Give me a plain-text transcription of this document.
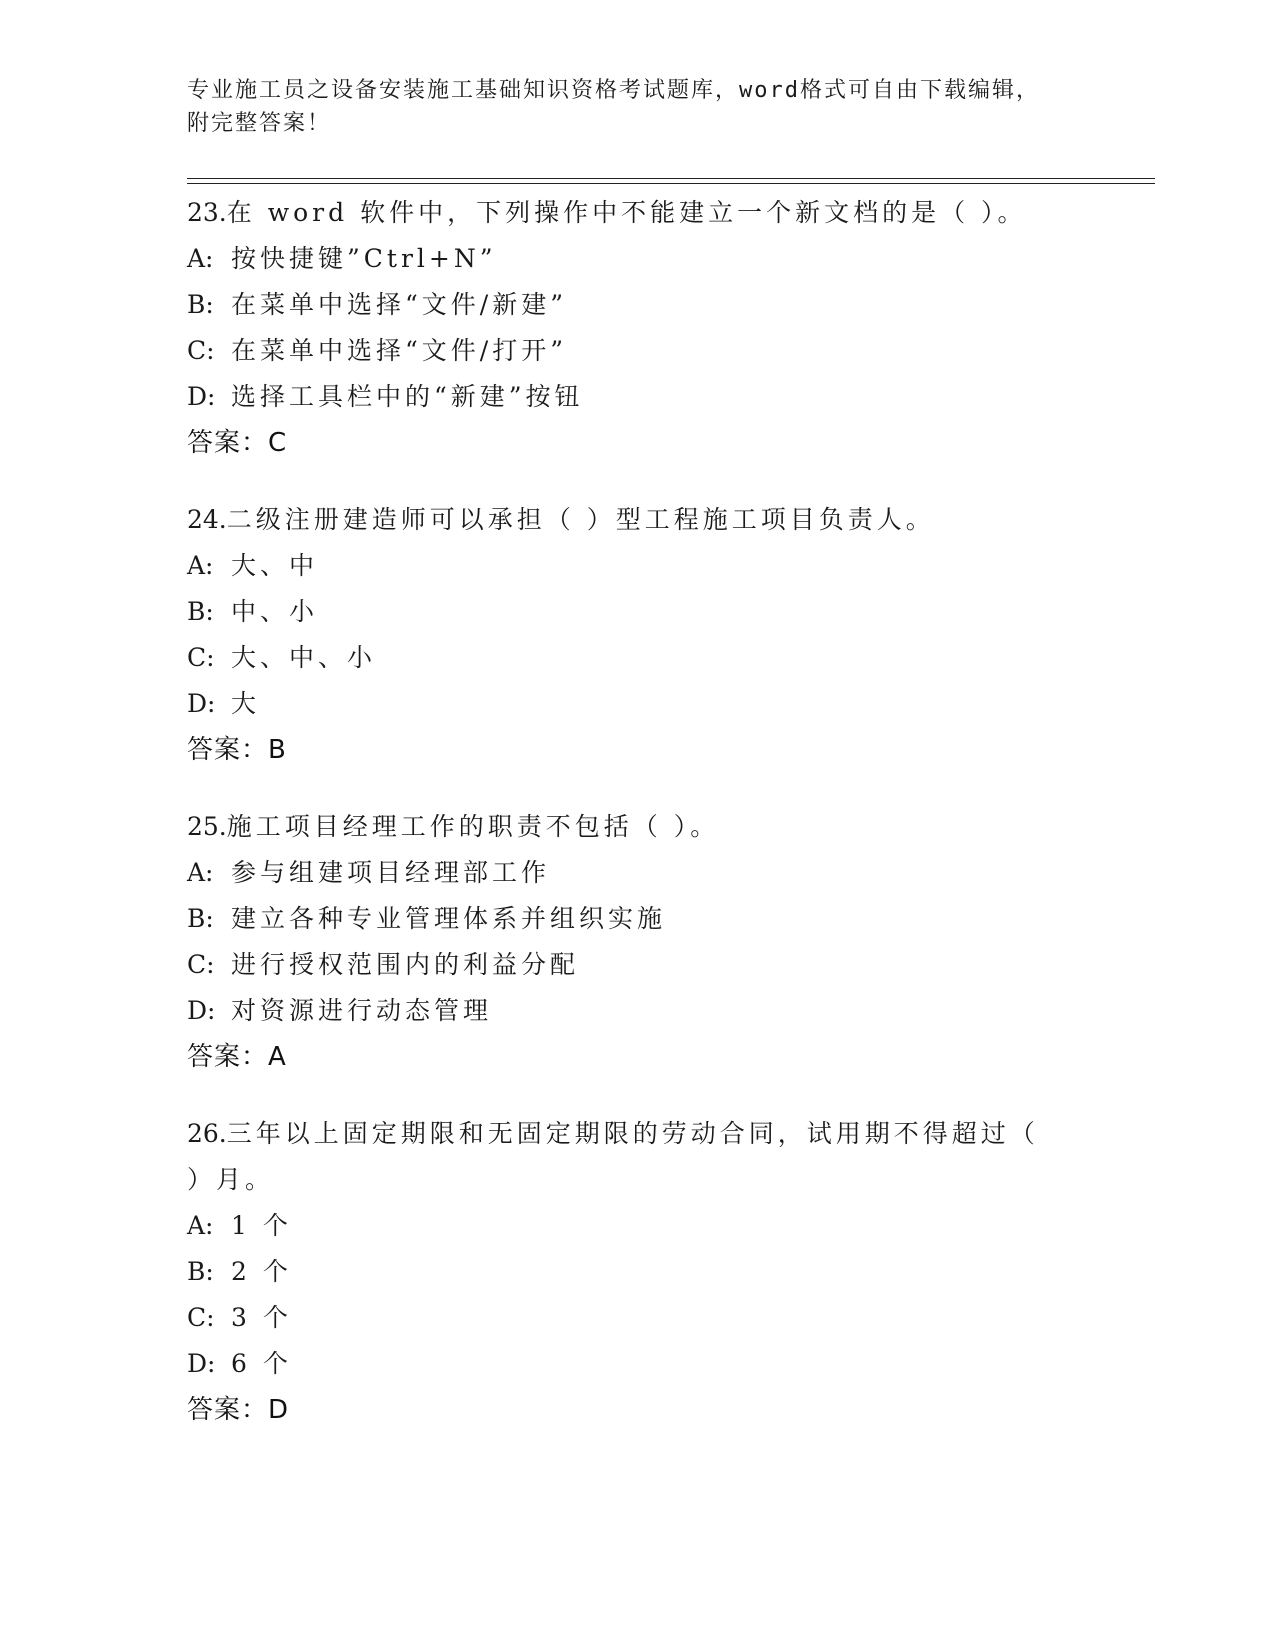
专业施工员之设备安装施工基础知识资格考试题库，word格式可自由下载编辑，
附完整答案！
23.在 word 软件中，下列操作中不能建立一个新文档的是（ ）。
A: 按快捷键”Ctrl+N”
B: 在菜单中选择“文件/新建”
C: 在菜单中选择“文件/打开”
D: 选择工具栏中的“新建”按钮
答案：C
24.二级注册建造师可以承担（ ）型工程施工项目负责人。
A: 大、中
B: 中、小
C: 大、中、小
D: 大
答案：B
25.施工项目经理工作的职责不包括（ ）。
A: 参与组建项目经理部工作
B: 建立各种专业管理体系并组织实施
C: 进行授权范围内的利益分配
D: 对资源进行动态管理
答案：A
26.三年以上固定期限和无固定期限的劳动合同，试用期不得超过（
）月。
A: 1 个
B: 2 个
C: 3 个
D: 6 个
答案：D
